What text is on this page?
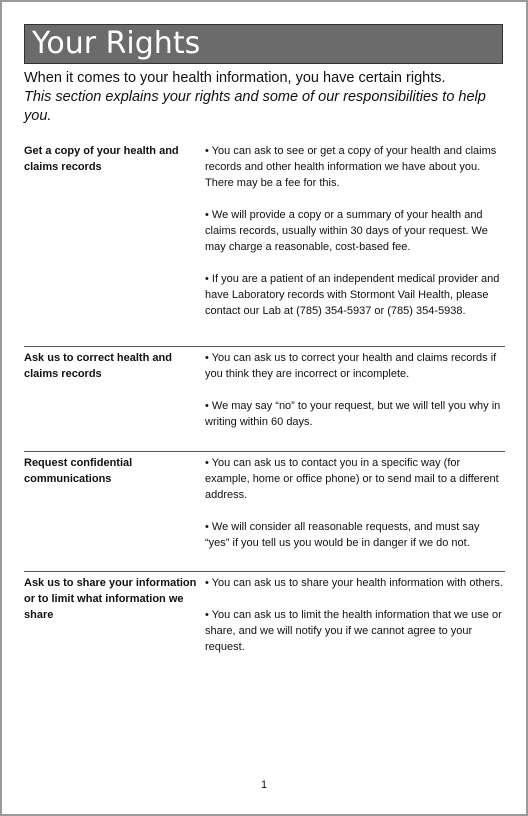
Your Rights
When it comes to your health information, you have certain rights.
This section explains your rights and some of our responsibilities to help you.
Get a copy of your health and claims records

• You can ask to see or get a copy of your health and claims records and other health information we have about you. There may be a fee for this.

• We will provide a copy or a summary of your health and claims records, usually within 30 days of your request. We may charge a reasonable, cost-based fee.

• If you are a patient of an independent medical provider and have Laboratory records with Stormont Vail Health, please contact our Lab at (785) 354-5937 or (785) 354-5938.

Ask us to correct health and claims records

• You can ask us to correct your health and claims records if you think they are incorrect or incomplete.

• We may say “no” to your request, but we will tell you why in writing within 60 days.

Request confidential communications

• You can ask us to contact you in a specific way (for example, home or office phone) or to send mail to a different address.

• We will consider all reasonable requests, and must say “yes” if you tell us you would be in danger if we do not.

Ask us to share your information or to limit what information we share

• You can ask us to share your health information with others.

• You can ask us to limit the health information that we use or share, and we will notify you if we cannot agree to your request.

1
